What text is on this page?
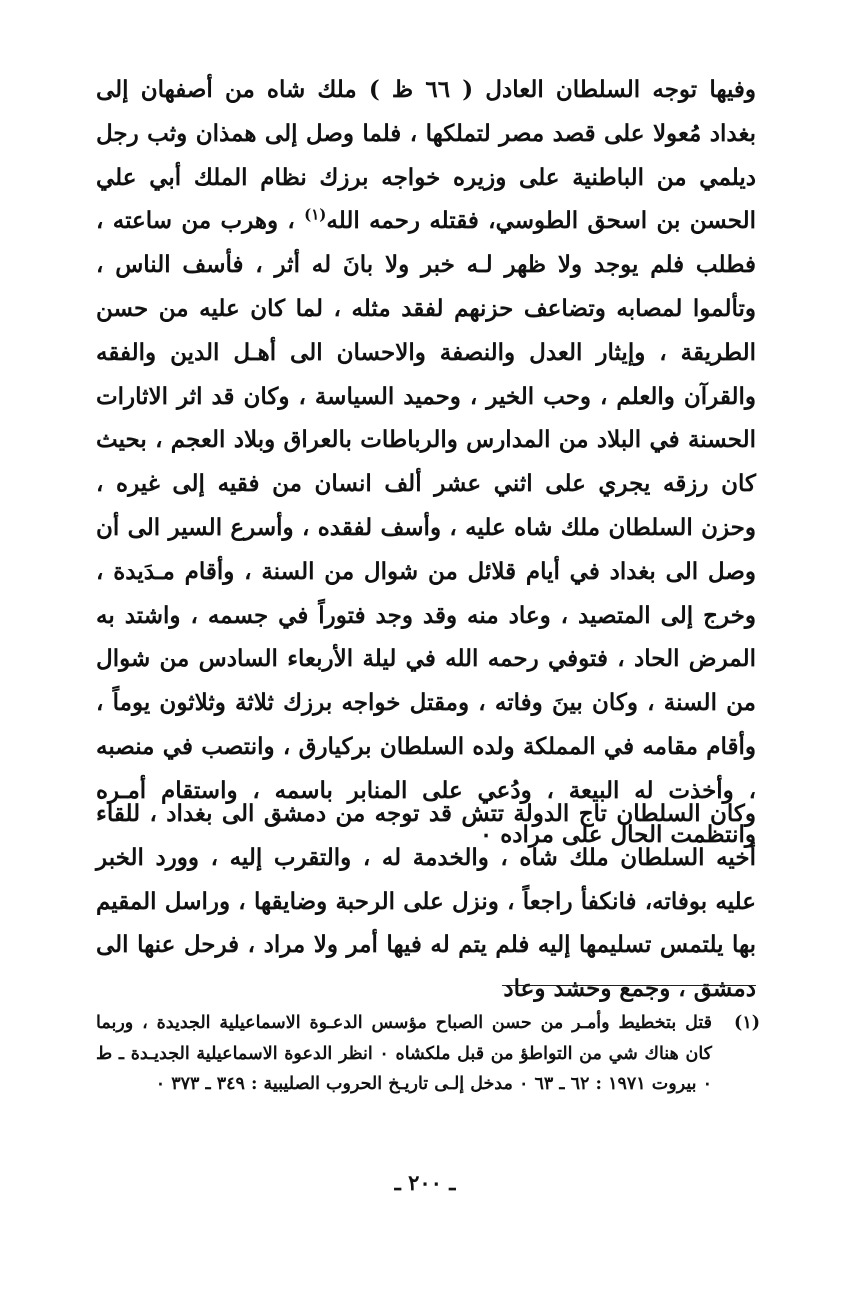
وفيها توجه السلطان العادل ( ٦٦ ظ ) ملك شاه من أصفهان إلى بغداد مُعولا على قصد مصر لتملكها ، فلما وصل إلى همذان وثب رجل ديلمي من الباطنية على وزيره خواجه برزك نظام الملك أبي علي الحسن بن اسحق الطوسي، فقتله رحمه الله$^{(١)}$ ، وهرب من ساعته ، فطلب فلم يوجد ولا ظهر لـه خبر ولا بانَ له أثر ، فأسف الناس ، وتألموا لمصابه وتضاعف حزنهم لفقد مثله ، لما كان عليه من حسن الطريقة ، وإيثار العدل والنصفة والاحسان الى أهـل الدين والفقه والقرآن والعلم ، وحب الخير ، وحميد السياسة ، وكان قد اثر الاثارات الحسنة في البلاد من المدارس والرباطات بالعراق وبلاد العجم ، بحيث كان رزقه يجري على اثني عشر ألف انسان من فقيه إلى غيره ، وحزن السلطان ملك شاه عليه ، وأسف لفقده ، وأسرع السير الى أن وصل الى بغداد في أيام قلائل من شوال من السنة ، وأقام مـدَيدة ، وخرج إلى المتصيد ، وعاد منه وقد وجد فتوراً في جسمه ، واشتد به المرض الحاد ، فتوفي رحمه الله في ليلة الأربعاء السادس من شوال من السنة ، وكان بينَ وفاته ، ومقتل خواجه برزك ثلاثة وثلاثون يوماً ، وأقام مقامه في المملكة ولده السلطان بركيارق ، وانتصب في منصبه ، وأخذت له البيعة ، ودُعي على المنابر باسمه ، واستقام أمـره وانتظمت الحال على مراده ٠

وكان السلطان تاج الدولة تتش قد توجه من دمشق الى بغداد ، للقاء أخيه السلطان ملك شاه ، والخدمة له ، والتقرب إليه ، وورد الخبر عليه بوفاته، فانكفأ راجعاً ، ونزل على الرحبة وضايقها ، وراسل المقيم بها يلتمس تسليمها إليه فلم يتم له فيها أمر ولا مراد ، فرحل عنها الى دمشق ، وجمع وحشد وعاد

(١)
قتل بتخطيط وأمـر من حسن الصباح مؤسس الدعـوة الاسماعيلية الجديدة ، وربما كان هناك شي من التواطؤ من قبل ملكشاه ٠ انظر الدعوة الاسماعيلية الجديـدة ـ ط ٠ بيروت ١٩٧١ : ٦٢ ـ ٦٣ ٠ مدخل إلـى تاريـخ الحروب الصليبية : ٣٤٩ ـ ٣٧٣ ٠
ـ ٢٠٠ ـ
